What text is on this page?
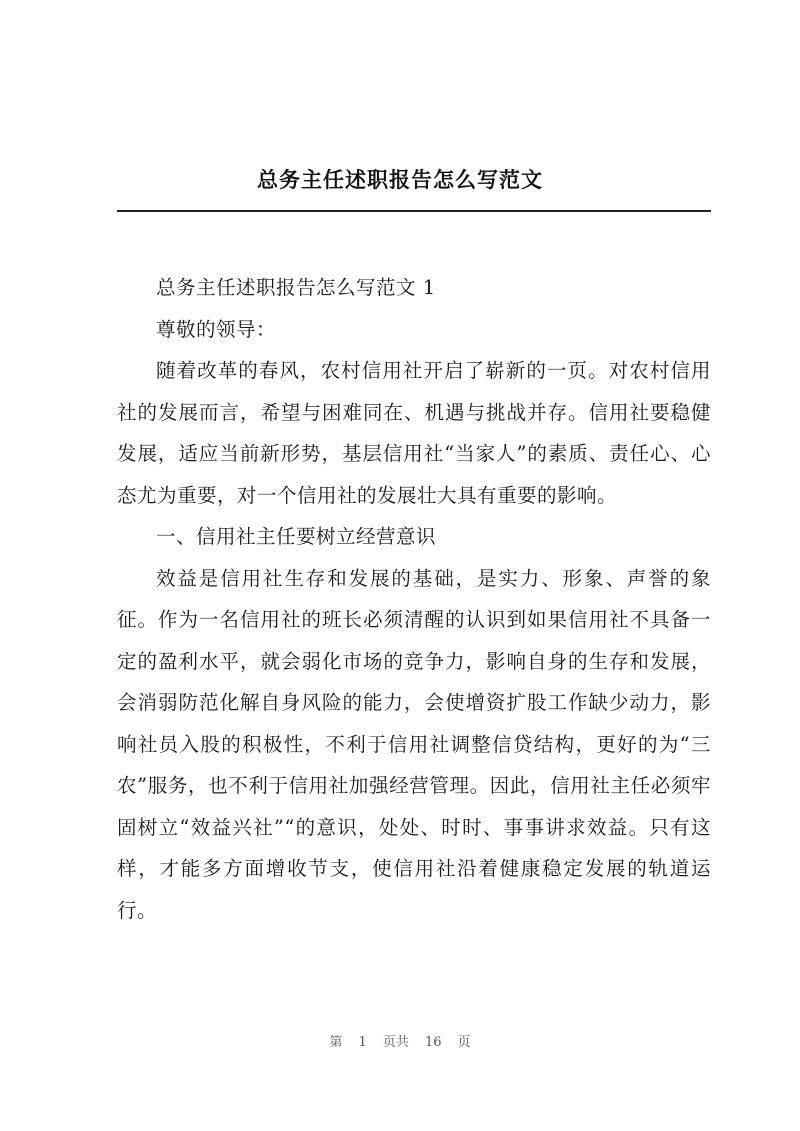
总务主任述职报告怎么写范文

总务主任述职报告怎么写范文 1

尊敬的领导：

随着改革的春风，农村信用社开启了崭新的一页。对农村信用社的发展而言，希望与困难同在、机遇与挑战并存。信用社要稳健发展，适应当前新形势，基层信用社“当家人”的素质、责任心、心态尤为重要，对一个信用社的发展壮大具有重要的影响。

一、信用社主任要树立经营意识

效益是信用社生存和发展的基础，是实力、形象、声誉的象征。作为一名信用社的班长必须清醒的认识到如果信用社不具备一定的盈利水平，就会弱化市场的竞争力，影响自身的生存和发展，会消弱防范化解自身风险的能力，会使增资扩股工作缺少动力，影响社员入股的积极性，不利于信用社调整信贷结构，更好的为“三农”服务，也不利于信用社加强经营管理。因此，信用社主任必须牢固树立“效益兴社”“的意识，处处、时时、事事讲求效益。只有这样，才能多方面增收节支，使信用社沿着健康稳定发展的轨道运行。

第 1 页共 16 页
